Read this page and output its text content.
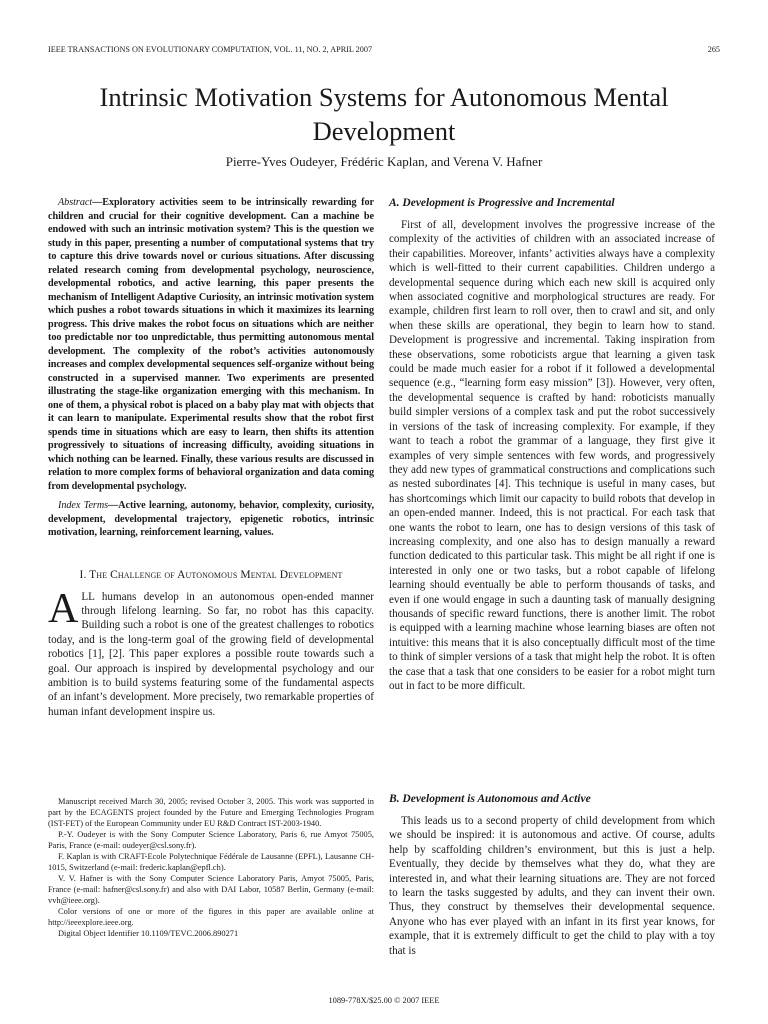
IEEE TRANSACTIONS ON EVOLUTIONARY COMPUTATION, VOL. 11, NO. 2, APRIL 2007	265
Intrinsic Motivation Systems for Autonomous Mental Development
Pierre-Yves Oudeyer, Frédéric Kaplan, and Verena V. Hafner

Abstract—Exploratory activities seem to be intrinsically rewarding for children and crucial for their cognitive development. Can a machine be endowed with such an intrinsic motivation system? This is the question we study in this paper, presenting a number of computational systems that try to capture this drive towards novel or curious situations. After discussing related research coming from developmental psychology, neuroscience, developmental robotics, and active learning, this paper presents the mechanism of Intelligent Adaptive Curiosity, an intrinsic motivation system which pushes a robot towards situations in which it maximizes its learning progress. This drive makes the robot focus on situations which are neither too predictable nor too unpredictable, thus permitting autonomous mental development. The complexity of the robot’s activities autonomously increases and complex developmental sequences self-organize without being constructed in a supervised manner. Two experiments are presented illustrating the stage-like organization emerging with this mechanism. In one of them, a physical robot is placed on a baby play mat with objects that it can learn to manipulate. Experimental results show that the robot first spends time in situations which are easy to learn, then shifts its attention progressively to situations of increasing difficulty, avoiding situations in which nothing can be learned. Finally, these various results are discussed in relation to more complex forms of behavioral organization and data coming from developmental psychology.

Index Terms—Active learning, autonomy, behavior, complexity, curiosity, development, developmental trajectory, epigenetic robotics, intrinsic motivation, learning, reinforcement learning, values.

I. The Challenge of Autonomous Mental Development

ALL humans develop in an autonomous open-ended manner through lifelong learning. So far, no robot has this capacity. Building such a robot is one of the greatest challenges to robotics today, and is the long-term goal of the growing field of developmental robotics [1], [2]. This paper explores a possible route towards such a goal. Our approach is inspired by developmental psychology and our ambition is to build systems featuring some of the fundamental aspects of an infant’s development. More precisely, two remarkable properties of human infant development inspire us.

Manuscript received March 30, 2005; revised October 3, 2005. This work was supported in part by the ECAGENTS project founded by the Future and Emerging Technologies Program (IST-FET) of the European Community under EU R&D Contract IST-2003-1940.

P.-Y. Oudeyer is with the Sony Computer Science Laboratory, Paris 6, rue Amyot 75005, Paris, France (e-mail: oudeyer@csl.sony.fr).

F. Kaplan is with CRAFT-Ecole Polytechnique Fédérale de Lausanne (EPFL), Lausanne CH-1015, Switzerland (e-mail: frederic.kaplan@epfl.ch).

V. V. Hafner is with the Sony Computer Science Laboratory Paris, Amyot 75005, Paris, France (e-mail: hafner@csl.sony.fr) and also with DAI Labor, 10587 Berlin, Germany (e-mail: vvh@ieee.org).

Color versions of one or more of the figures in this paper are available online at http://ieeexplore.ieee.org.

Digital Object Identifier 10.1109/TEVC.2006.890271

A. Development is Progressive and Incremental

First of all, development involves the progressive increase of the complexity of the activities of children with an associated increase of their capabilities. Moreover, infants’ activities always have a complexity which is well-fitted to their current capabilities. Children undergo a developmental sequence during which each new skill is acquired only when associated cognitive and morphological structures are ready. For example, children first learn to roll over, then to crawl and sit, and only when these skills are operational, they begin to learn how to stand. Development is progressive and incremental. Taking inspiration from these observations, some roboticists argue that learning a given task could be made much easier for a robot if it followed a developmental sequence (e.g., “learning form easy mission” [3]). However, very often, the developmental sequence is crafted by hand: roboticists manually build simpler versions of a complex task and put the robot successively in versions of the task of increasing complexity. For example, if they want to teach a robot the grammar of a language, they first give it examples of very simple sentences with few words, and progressively they add new types of grammatical constructions and complications such as nested subordinates [4]. This technique is useful in many cases, but has shortcomings which limit our capacity to build robots that develop in an open-ended manner. Indeed, this is not practical. For each task that one wants the robot to learn, one has to design versions of this task of increasing complexity, and one also has to design manually a reward function dedicated to this particular task. This might be all right if one is interested in only one or two tasks, but a robot capable of lifelong learning should eventually be able to perform thousands of tasks, and even if one would engage in such a daunting task of manually designing thousands of specific reward functions, there is another limit. The robot is equipped with a learning machine whose learning biases are often not intuitive: this means that it is also conceptually difficult most of the time to think of simpler versions of a task that might help the robot. It is often the case that a task that one considers to be easier for a robot might turn out in fact to be more difficult.

B. Development is Autonomous and Active

This leads us to a second property of child development from which we should be inspired: it is autonomous and active. Of course, adults help by scaffolding children’s environment, but this is just a help. Eventually, they decide by themselves what they do, what they are interested in, and what their learning situations are. They are not forced to learn the tasks suggested by adults, and they can invent their own. Thus, they construct by themselves their developmental sequence. Anyone who has ever played with an infant in its first year knows, for example, that it is extremely difficult to get the child to play with a toy that is

1089-778X/$25.00 © 2007 IEEE
